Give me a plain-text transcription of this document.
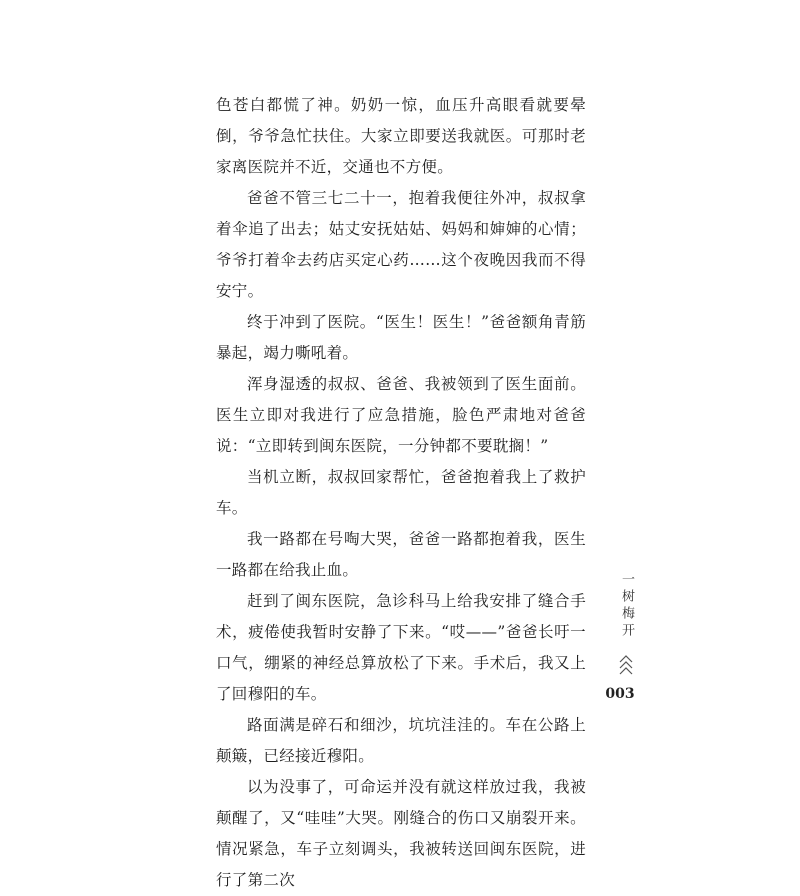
色苍白都慌了神。奶奶一惊，血压升高眼看就要晕倒，爷爷急忙扶住。大家立即要送我就医。可那时老家离医院并不近，交通也不方便。

爸爸不管三七二十一，抱着我便往外冲，叔叔拿着伞追了出去；姑丈安抚姑姑、妈妈和婶婶的心情；爷爷打着伞去药店买定心药……这个夜晚因我而不得安宁。

终于冲到了医院。“医生！医生！”爸爸额角青筋暴起，竭力嘶吼着。

浑身湿透的叔叔、爸爸、我被领到了医生面前。医生立即对我进行了应急措施，脸色严肃地对爸爸说：“立即转到闽东医院，一分钟都不要耽搁！”

当机立断，叔叔回家帮忙，爸爸抱着我上了救护车。

我一路都在号啕大哭，爸爸一路都抱着我，医生一路都在给我止血。

赶到了闽东医院，急诊科马上给我安排了缝合手术，疲倦使我暂时安静了下来。“哎——”爸爸长吁一口气，绷紧的神经总算放松了下来。手术后，我又上了回穆阳的车。

路面满是碎石和细沙，坑坑洼洼的。车在公路上颠簸，已经接近穆阳。

以为没事了，可命运并没有就这样放过我，我被颠醒了，又“哇哇”大哭。刚缝合的伤口又崩裂开来。情况紧急，车子立刻调头，我被转送回闽东医院，进行了第二次

一树梅开
003
